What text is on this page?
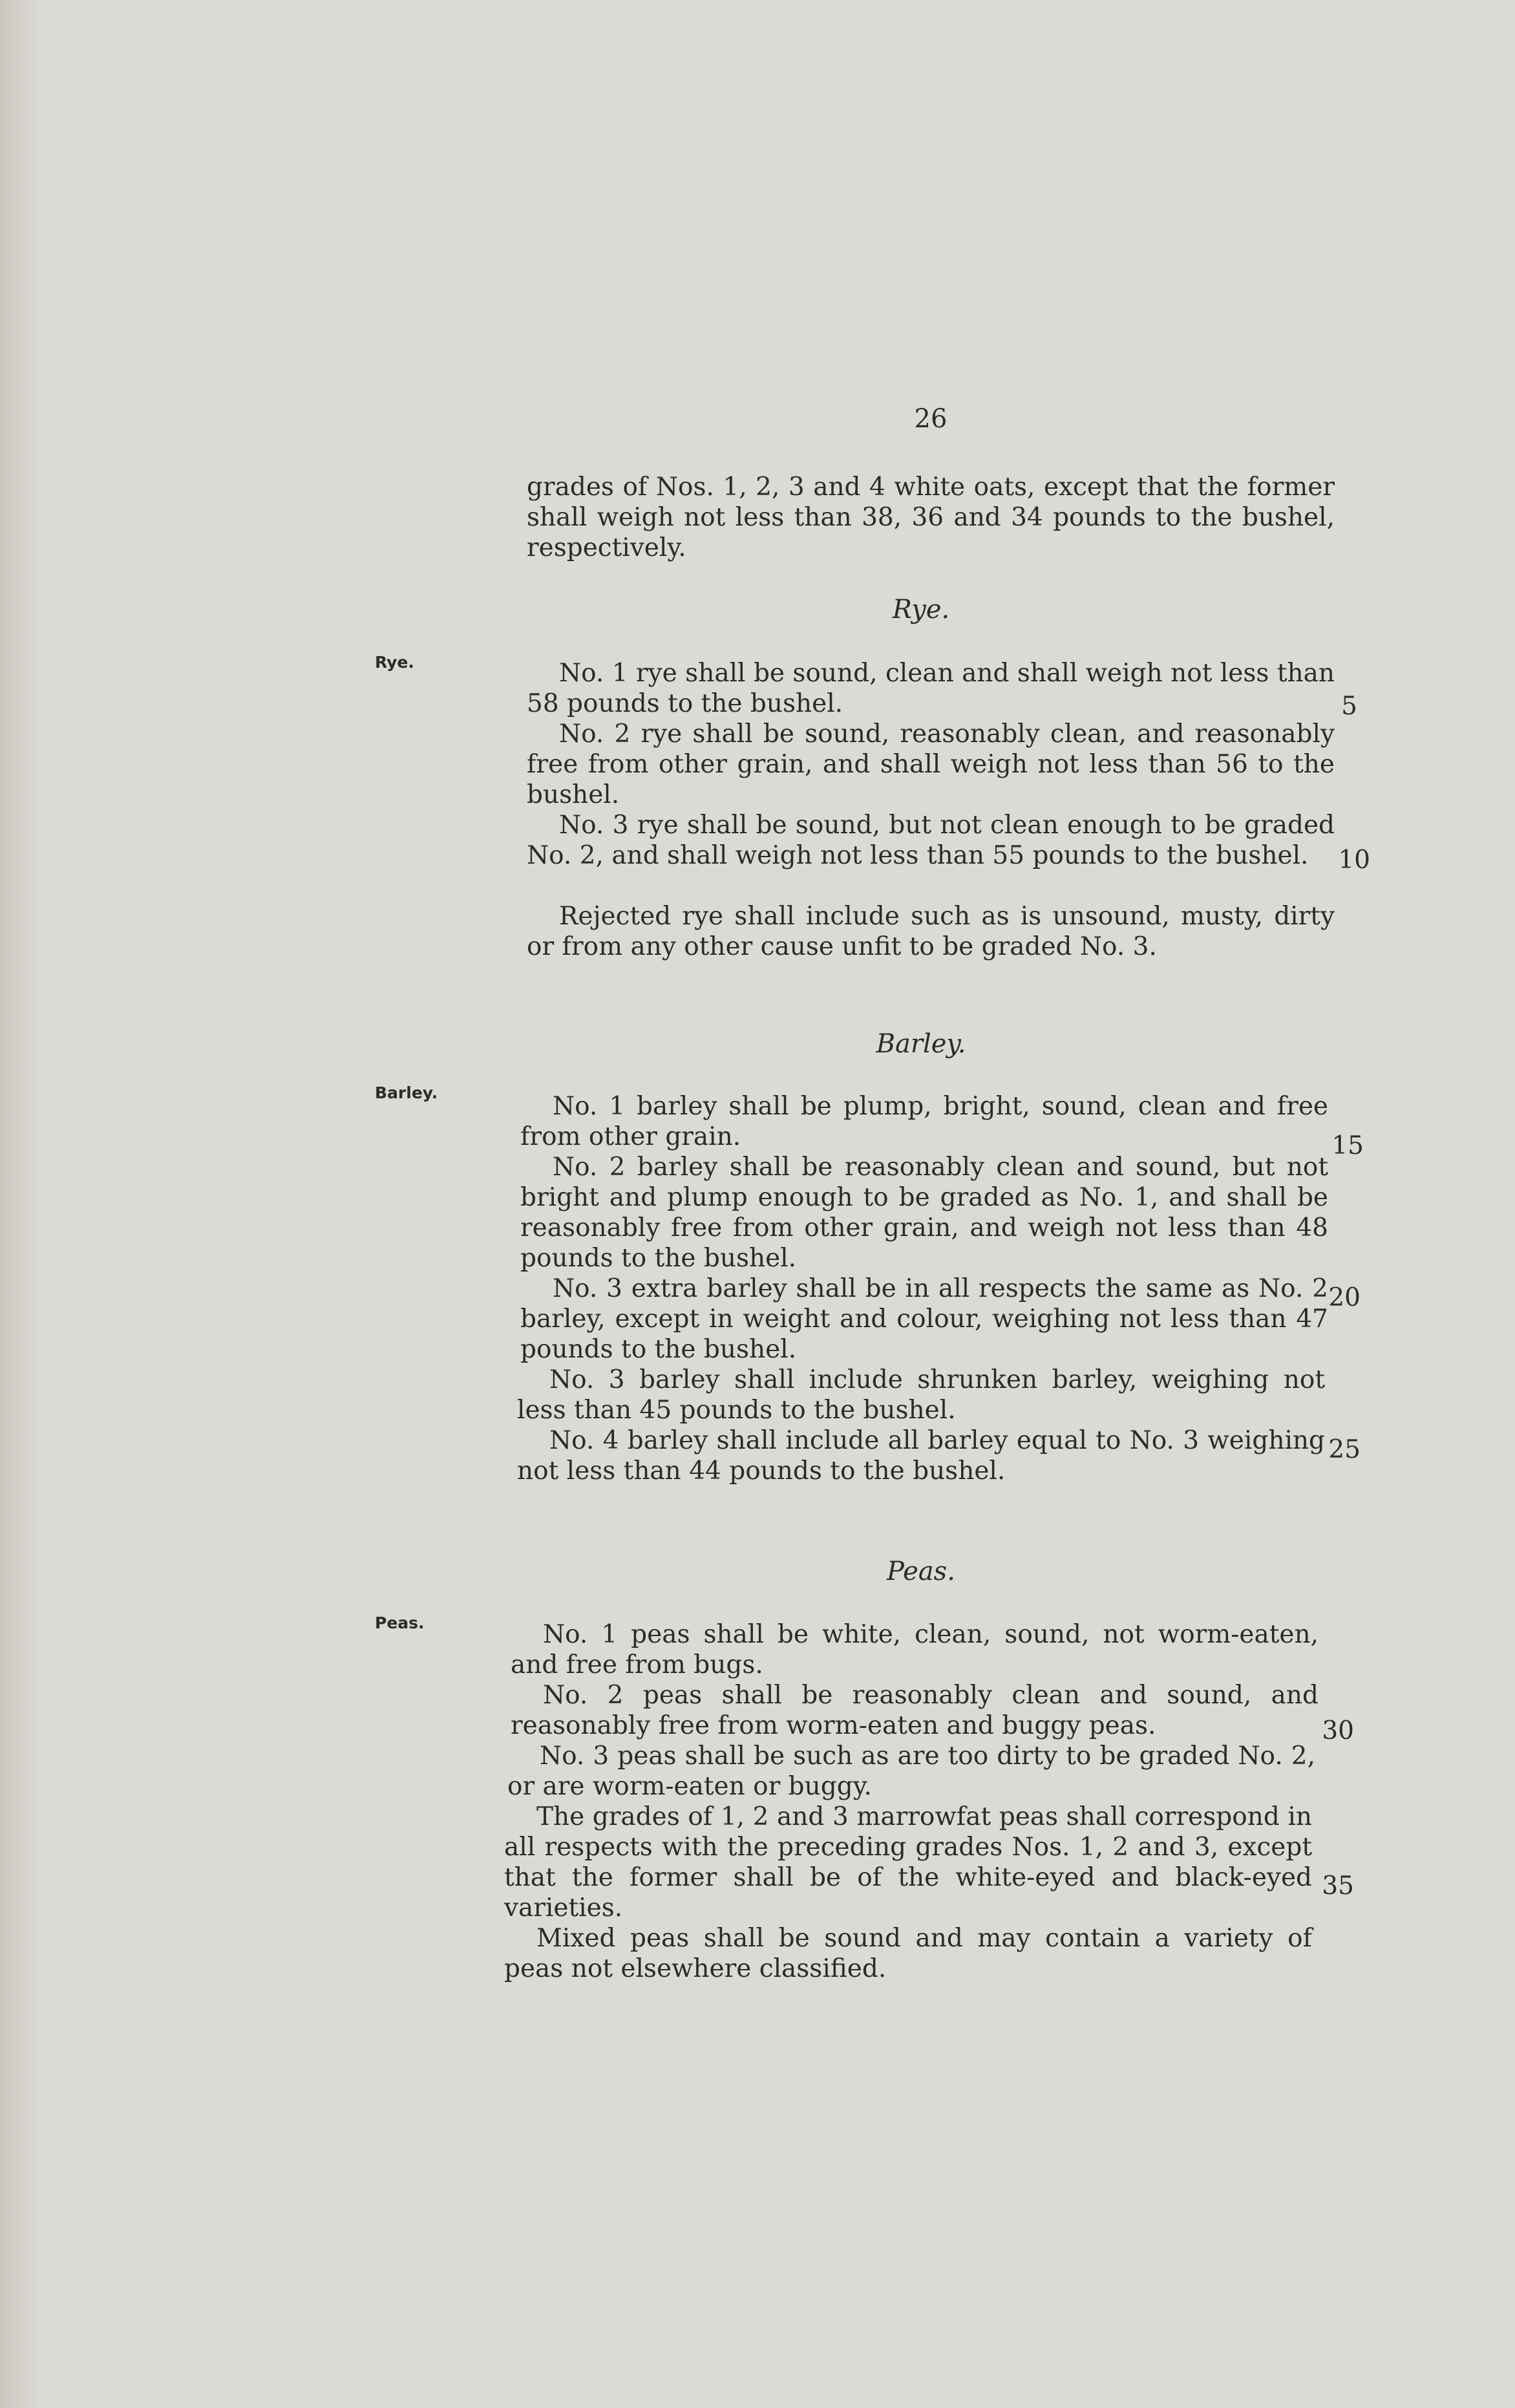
26

grades of Nos. 1, 2, 3 and 4 white oats, except that the former shall weigh not less than 38, 36 and 34 pounds to the bushel, respectively.

Rye.
Rye.	No. 1 rye shall be sound, clean and shall weigh not less than 58 pounds to the bushel.

No. 2 rye shall be sound, reasonably clean, and reasonably free from other grain, and shall weigh not less than 56 to the bushel.

No. 3 rye shall be sound, but not clean enough to be graded No. 2, and shall weigh not less than 55 pounds to the bushel.

Rejected rye shall include such as is unsound, musty, dirty or from any other cause unfit to be graded No. 3.

Barley.
Barley.	No. 1 barley shall be plump, bright, sound, clean and free from other grain.

No. 2 barley shall be reasonably clean and sound, but not bright and plump enough to be graded as No. 1, and shall be reasonably free from other grain, and weigh not less than 48 pounds to the bushel.

No. 3 extra barley shall be in all respects the same as No. 2 barley, except in weight and colour, weighing not less than 47 pounds to the bushel.

No. 3 barley shall include shrunken barley, weighing not less than 45 pounds to the bushel.

No. 4 barley shall include all barley equal to No. 3 weighing not less than 44 pounds to the bushel.

Peas.
Peas.	No. 1 peas shall be white, clean, sound, not worm-eaten, and free from bugs.

No. 2 peas shall be reasonably clean and sound, and reasonably free from worm-eaten and buggy peas.

No. 3 peas shall be such as are too dirty to be graded No. 2, or are worm-eaten or buggy.

The grades of 1, 2 and 3 marrowfat peas shall correspond in all respects with the preceding grades Nos. 1, 2 and 3, except that the former shall be of the white-eyed and black-eyed varieties.

Mixed peas shall be sound and may contain a variety of peas not elsewhere classified.

5
10
15
20
25
30
35
